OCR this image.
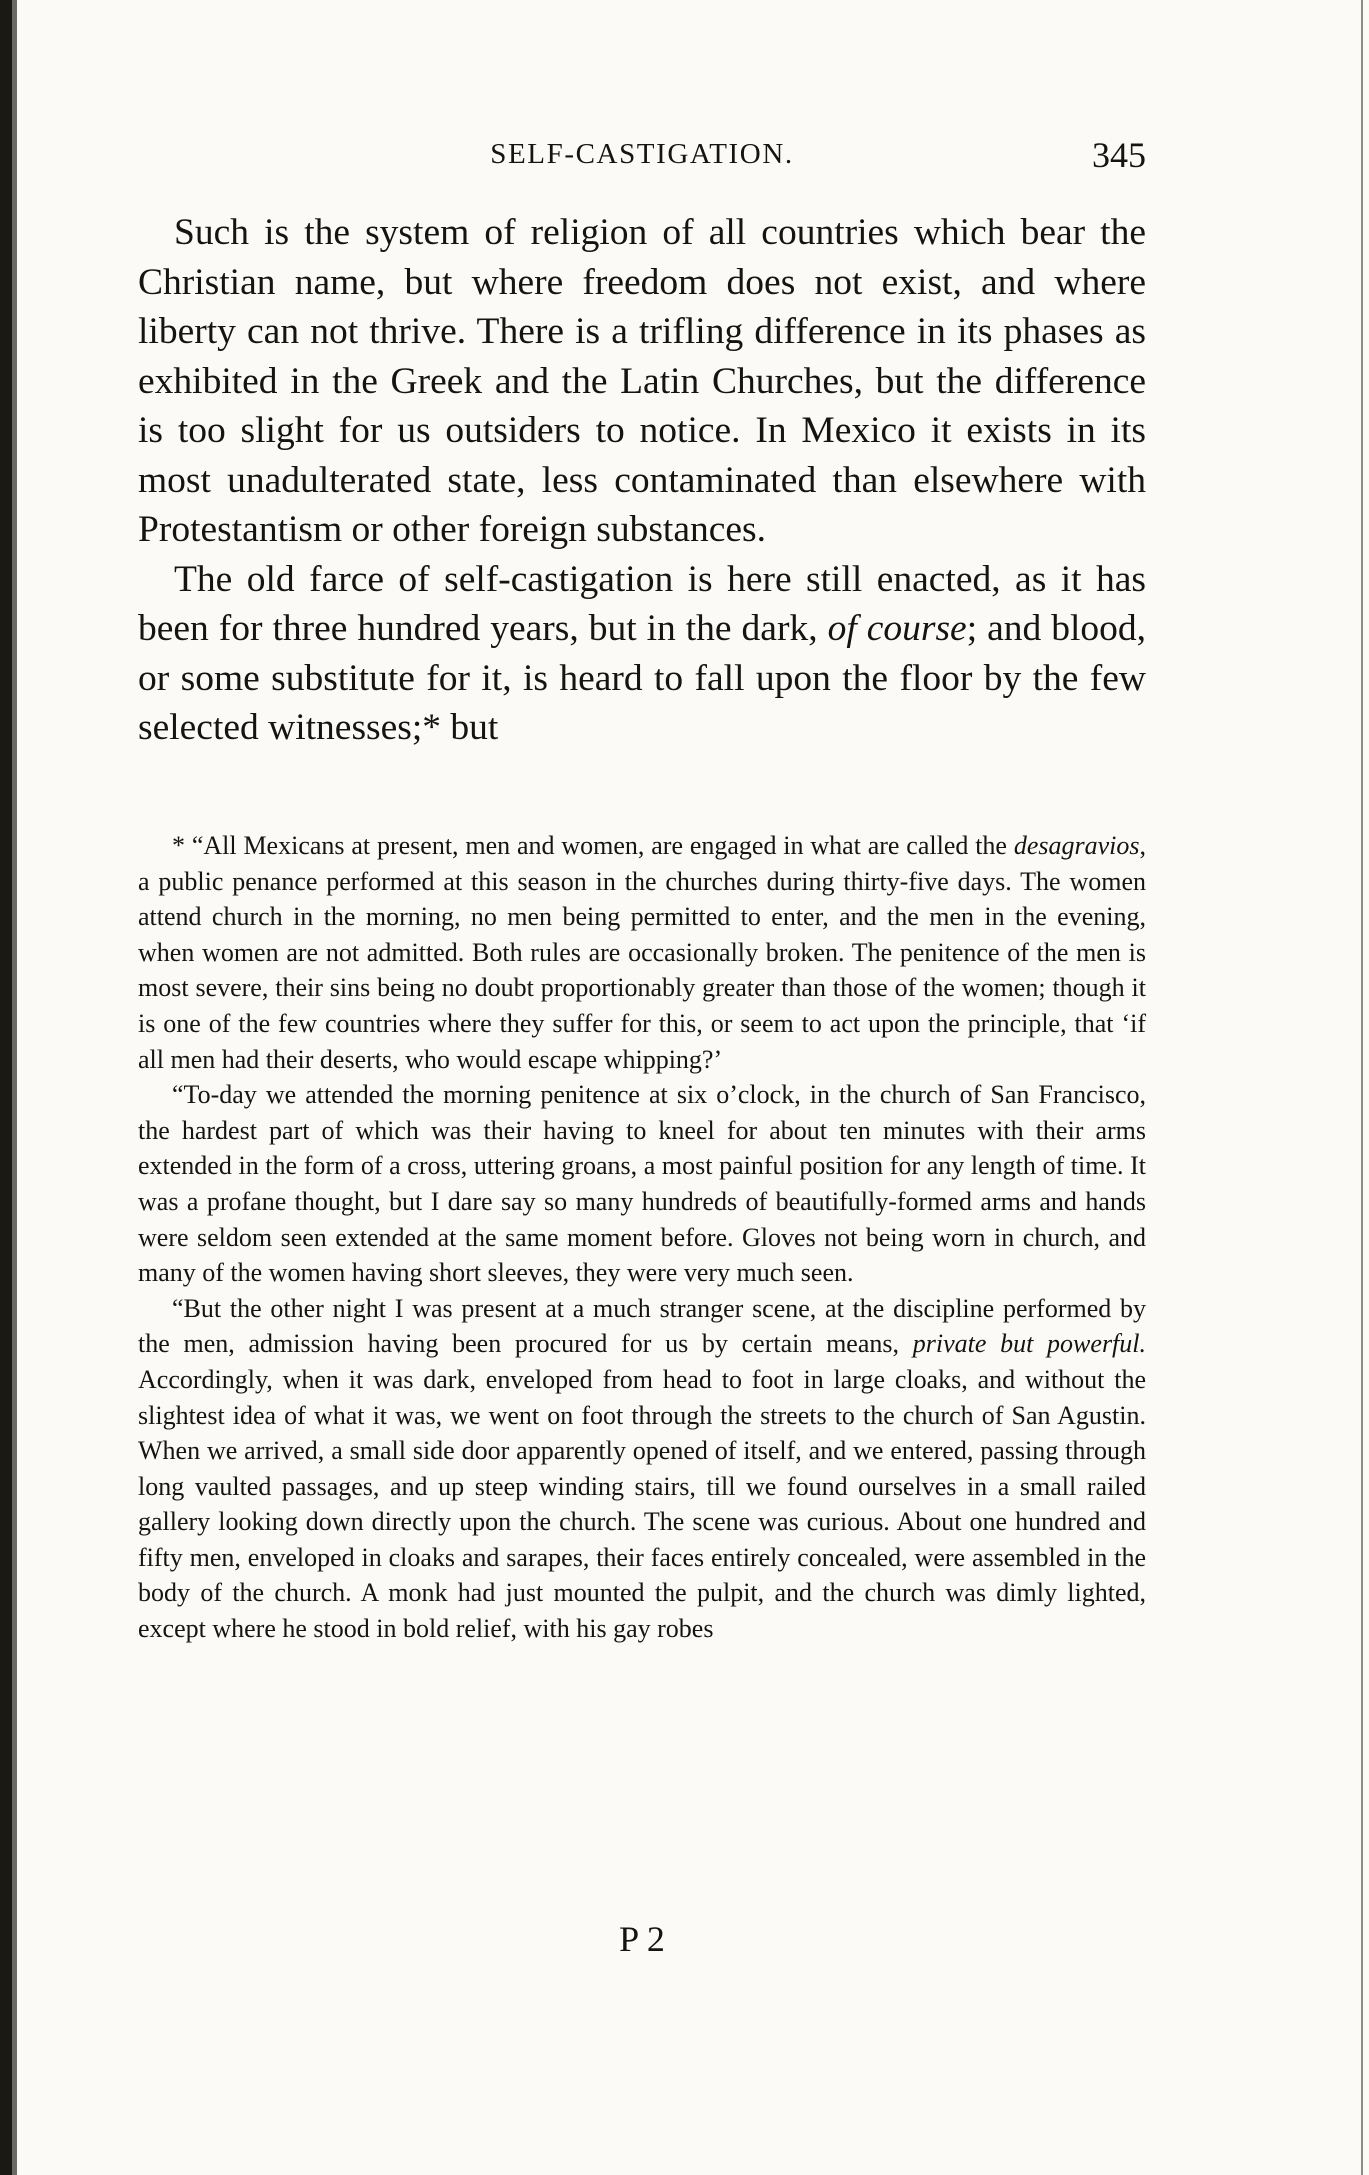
SELF-CASTIGATION.	345

Such is the system of religion of all countries which bear the Christian name, but where freedom does not exist, and where liberty can not thrive. There is a trifling difference in its phases as exhibited in the Greek and the Latin Churches, but the difference is too slight for us outsiders to notice. In Mexico it exists in its most unadulterated state, less contaminated than elsewhere with Protestantism or other foreign substances.

The old farce of self-castigation is here still enacted, as it has been for three hundred years, but in the dark, of course; and blood, or some substitute for it, is heard to fall upon the floor by the few selected witnesses;* but

* “All Mexicans at present, men and women, are engaged in what are called the desagravios, a public penance performed at this season in the churches during thirty-five days. The women attend church in the morning, no men being permitted to enter, and the men in the evening, when women are not admitted. Both rules are occasionally broken. The penitence of the men is most severe, their sins being no doubt proportionably greater than those of the women; though it is one of the few countries where they suffer for this, or seem to act upon the principle, that ‘if all men had their deserts, who would escape whipping?’

“To-day we attended the morning penitence at six o’clock, in the church of San Francisco, the hardest part of which was their having to kneel for about ten minutes with their arms extended in the form of a cross, uttering groans, a most painful position for any length of time. It was a profane thought, but I dare say so many hundreds of beautifully-formed arms and hands were seldom seen extended at the same moment before. Gloves not being worn in church, and many of the women having short sleeves, they were very much seen.

“But the other night I was present at a much stranger scene, at the discipline performed by the men, admission having been procured for us by certain means, private but powerful. Accordingly, when it was dark, enveloped from head to foot in large cloaks, and without the slightest idea of what it was, we went on foot through the streets to the church of San Agustin. When we arrived, a small side door apparently opened of itself, and we entered, passing through long vaulted passages, and up steep winding stairs, till we found ourselves in a small railed gallery looking down directly upon the church. The scene was curious. About one hundred and fifty men, enveloped in cloaks and sarapes, their faces entirely concealed, were assembled in the body of the church. A monk had just mounted the pulpit, and the church was dimly lighted, except where he stood in bold relief, with his gay robes

P 2
